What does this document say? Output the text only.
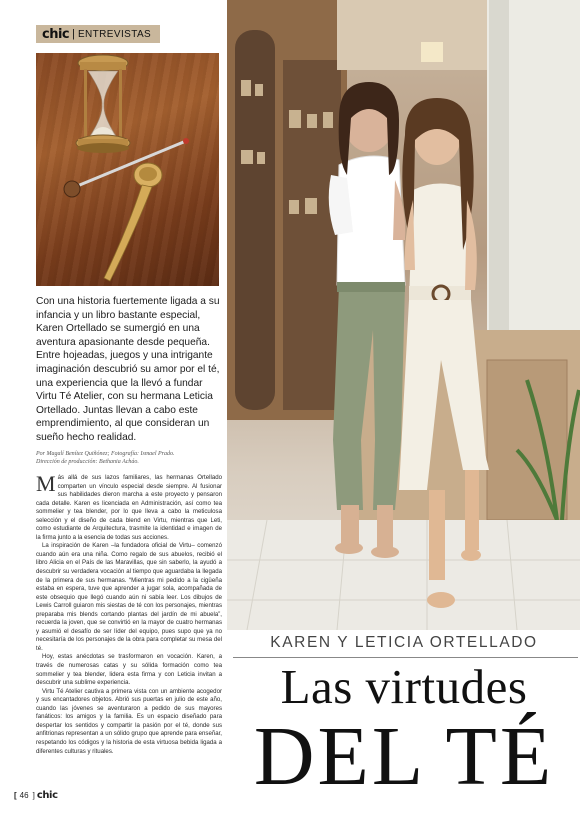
chic | ENTREVISTAS
Con una historia fuertemente ligada a su infancia y un libro bastante especial, Karen Ortellado se sumergió en una aventura apasionante desde pequeña. Entre hojeadas, juegos y una intrigante imaginación descubrió su amor por el té, una experiencia que la llevó a fundar Virtu Té Atelier, con su hermana Leticia Ortellado. Juntas llevan a cabo este emprendimiento, al que consideran un sueño hecho realidad.
Por Magalí Benítez Quiñónez; Fotografía: Ismael Prado.
Dirección de producción: Bethania Acháo.

Más allá de sus lazos familiares, las hermanas Ortellado comparten un vínculo especial desde siempre. Al fusionar sus habilidades dieron marcha a este proyecto y pensaron cada detalle. Karen es licenciada en Administración, así como tea sommelier y tea blender, por lo que lleva a cabo la meticulosa selección y el diseño de cada blend en Virtu, mientras que Leti, como estudiante de Arquitectura, trasmite la identidad e imagen de la firma junto a la esencia de todas sus acciones.

La inspiración de Karen –la fundadora oficial de Virtu– comenzó cuando aún era una niña. Como regalo de sus abuelos, recibió el libro Alicia en el País de las Maravillas, que sin saberlo, la ayudó a descubrir su verdadera vocación al tiempo que aguardaba la llegada de la primera de sus hermanas. “Mientras mi pedido a la cigüeña estaba en espera, tuve que aprender a jugar sola, acompañada de este obsequio que llegó cuando aún ni sabía leer. Los dibujos de Lewis Carroll guiaron mis siestas de té con los personajes, mientras preparaba mis blends cortando plantas del jardín de mi abuela”, recuerda la joven, que se convirtió en la mayor de cuatro hermanas y asumió el desafío de ser líder del equipo, pues supo que ya no necesitaría de los personajes de la obra para completar su mesa del té.

Hoy, estas anécdotas se trasformaron en vocación. Karen, a través de numerosas catas y su sólida formación como tea sommelier y tea blender, lidera esta firma y con Leticia invitan a descubrir una sublime experiencia.

Virtu Té Atelier cautiva a primera vista con un ambiente acogedor y sus encantadores objetos. Abrió sus puertas en julio de este año, cuando las jóvenes se aventuraron a pedido de sus mayores fanáticos: los amigos y la familia. Es un espacio diseñado para despertar los sentidos y compartir la pasión por el té, donde sus anfitrionas representan a un sólido grupo que aprende para enseñar, respetando los códigos y la historia de esta virtuosa bebida ligada a diferentes culturas y rituales.

KAREN Y LETICIA ORTELLADO
Las virtudes
DEL TÉ
[ 46 ] chic
